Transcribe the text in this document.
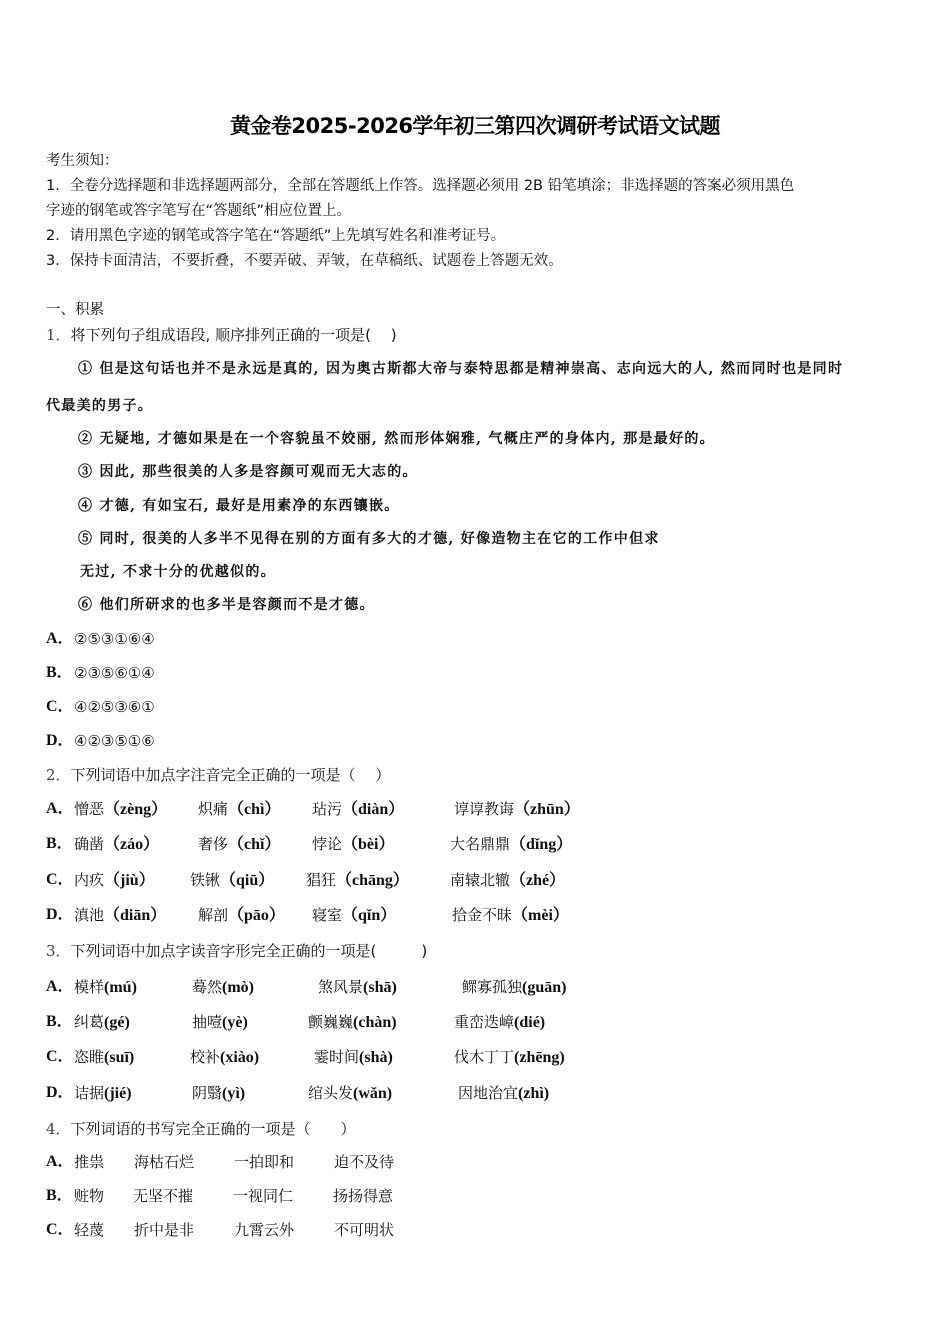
黄金卷2025-2026学年初三第四次调研考试语文试题
考生须知：
1．全卷分选择题和非选择题两部分，全部在答题纸上作答。选择题必须用 2B 铅笔填涂；非选择题的答案必须用黑色
字迹的钢笔或答字笔写在“答题纸”相应位置上。
2．请用黑色字迹的钢笔或答字笔在“答题纸”上先填写姓名和准考证号。
3．保持卡面清洁，不要折叠，不要弄破、弄皱，在草稿纸、试题卷上答题无效。
一、积累
1．将下列句子组成语段, 顺序排列正确的一项是(　 )
① 但是这句话也并不是永远是真的, 因为奥古斯都大帝与泰特思都是精神崇高、志向远大的人, 然而同时也是同时
代最美的男子。
② 无疑地, 才德如果是在一个容貌虽不姣丽, 然而形体娴雅, 气概庄严的身体内, 那是最好的。
③ 因此, 那些很美的人多是容颜可观而无大志的。
④ 才德, 有如宝石, 最好是用素净的东西镶嵌。
⑤ 同时, 很美的人多半不见得在别的方面有多大的才德, 好像造物主在它的工作中但求
无过, 不求十分的优越似的。
⑥ 他们所研求的也多半是容颜而不是才德。
A． ②⑤③①⑥④
B． ②③⑤⑥①④
C． ④②⑤③⑥①
D． ④②③⑤①⑥
2．下列词语中加点字注音完全正确的一项是（　 ）
A． 憎恶（zèng） 炽痛（chì） 玷污（diàn）	谆谆教诲（zhūn）
B． 确凿（záo）	奢侈（chǐ） 悖论（bèi）	大名鼎鼎（dǐng）
C． 内疚（jiù） 铁锹（qiū） 猖狂（chāng）	南辕北辙（zhé）
D． 滇池（diān） 解剖（pāo） 寝室（qǐn）	拾金不昧（mèi）
3．下列词语中加点字读音字形完全正确的一项是(　　　)
A． 模样(mú)	蓦然(mò)	煞风景(shā)	鳏寡孤独(guān)
B． 纠葛(gé)	抽噎(yè)	颤巍巍(chàn)	重峦迭嶂(dié)
C． 恣睢(suī)	校补(xiào)	霎时间(shà)	伐木丁丁(zhēng)
D． 诘据(jié)	阴翳(yì)	绾头发(wǎn)	因地治宜(zhì)
4．下列词语的书写完全正确的一项是（　　）
A． 推祟 海枯石烂	一拍即和	迫不及待
B． 赃物 无坚不摧	一视同仁	扬扬得意
C． 轻蔑 折中是非	九霄云外	不可明状
